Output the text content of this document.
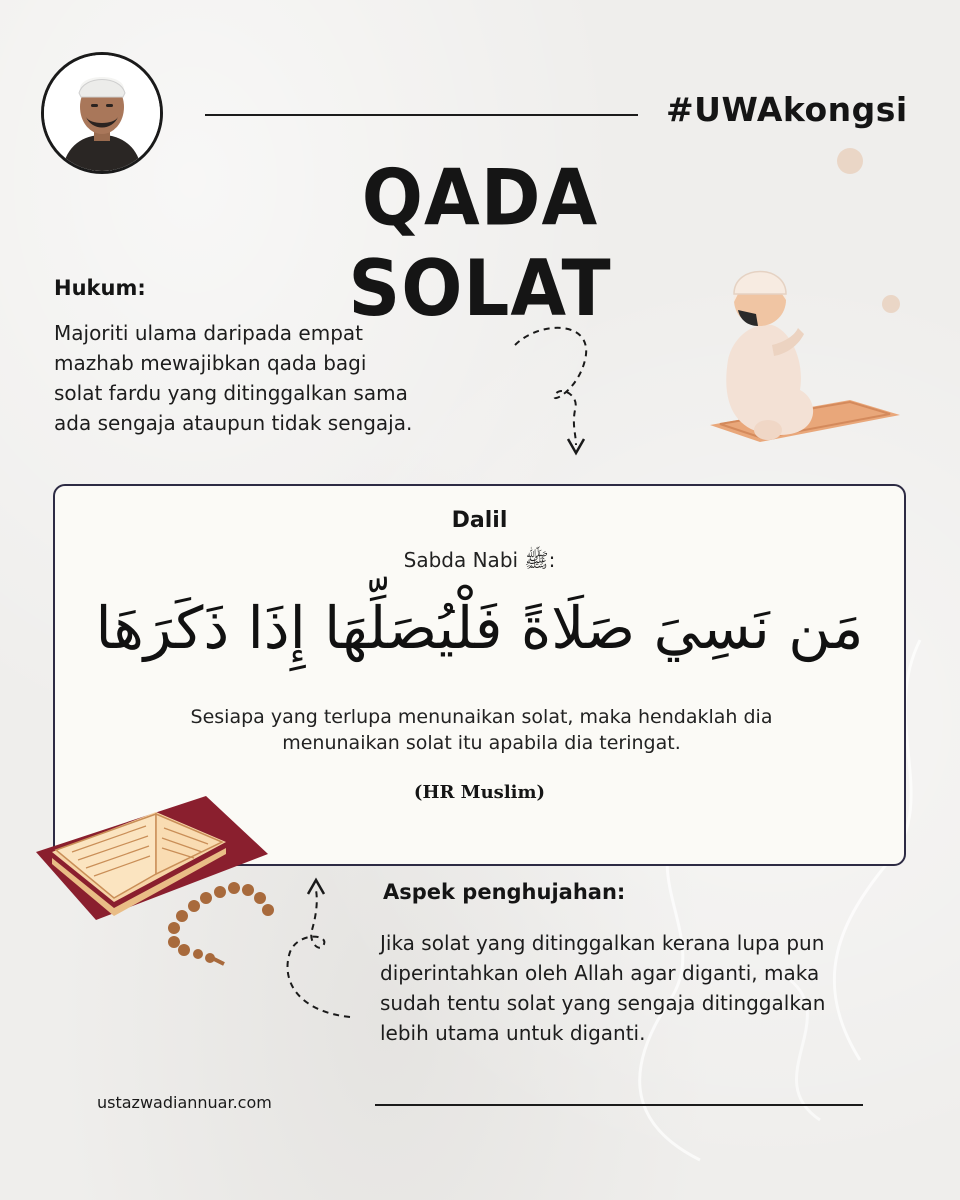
#UWAkongsi
QADA SOLAT
Hukum:
Majoriti ulama daripada empat
mazhab mewajibkan qada bagi
solat fardu yang ditinggalkan sama
ada sengaja ataupun tidak sengaja.
Dalil
Sabda Nabi ﷺ:
مَن نَسِيَ صَلَاةً فَلْيُصَلِّهَا إِذَا ذَكَرَهَا
Sesiapa yang terlupa menunaikan solat, maka hendaklah dia
menunaikan solat itu apabila dia teringat.
(HR Muslim)
Aspek penghujahan:
Jika solat yang ditinggalkan kerana lupa pun
diperintahkan oleh Allah agar diganti, maka
sudah tentu solat yang sengaja ditinggalkan
lebih utama untuk diganti.
ustazwadiannuar.com
